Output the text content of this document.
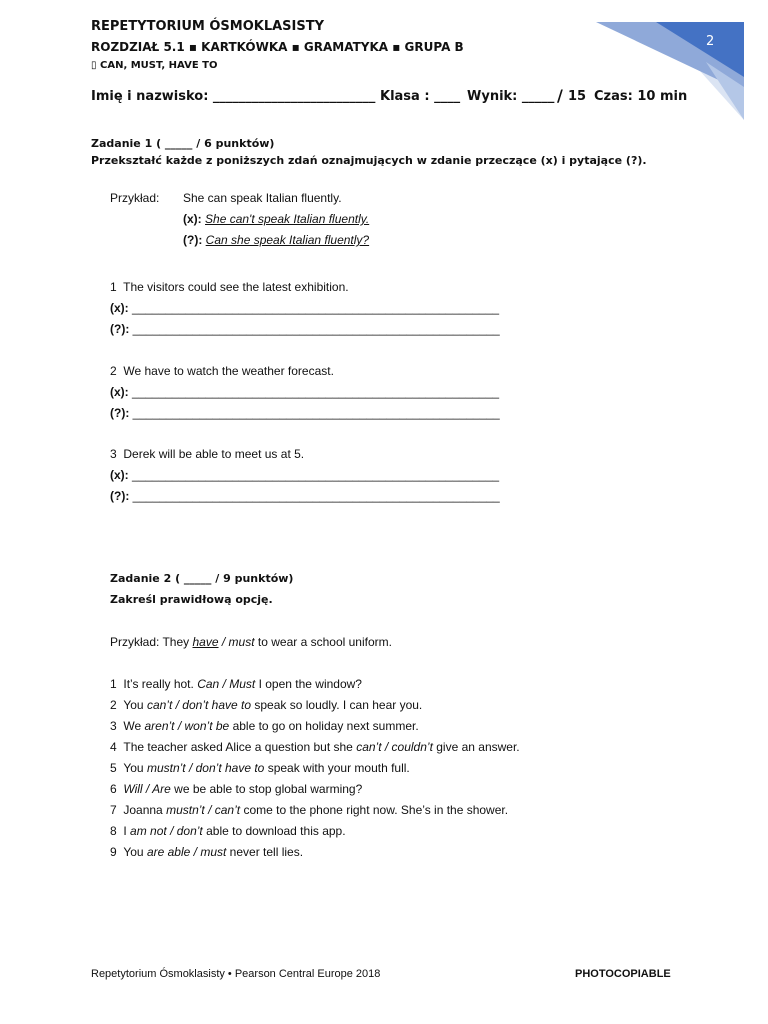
2
REPETYTORIUM ÓSMOKLASISTY
ROZDZIAŁ 5.1 ▪ KARTKÓWKA ▪ GRAMATYKA ▪ GRUPA B
▯ CAN, MUST, HAVE TO
Imię i nazwisko: _________________________ Klasa : ____ Wynik: _____ / 15 Czas: 10 min
Zadanie 1 ( _____ / 6 punktów)
Przekształć każde z poniższych zdań oznajmujących w zdanie przeczące (x) i pytające (?).
Przykład: She can speak Italian fluently.
(x): She can't speak Italian fluently.
(?): Can she speak Italian fluently?
1 The visitors could see the latest exhibition.
(x): _______________________________________________________
(?): _______________________________________________________
2 We have to watch the weather forecast.
(x): _______________________________________________________
(?): _______________________________________________________
3 Derek will be able to meet us at 5.
(x): _______________________________________________________
(?): _______________________________________________________
Zadanie 2 ( _____ / 9 punktów)
Zakreśl prawidłową opcję.
Przykład: They have / must to wear a school uniform.
1 It’s really hot. Can / Must I open the window?
2 You can’t / don’t have to speak so loudly. I can hear you.
3 We aren’t / won’t be able to go on holiday next summer.
4 The teacher asked Alice a question but she can’t / couldn’t give an answer.
5 You mustn’t / don’t have to speak with your mouth full.
6 Will / Are we be able to stop global warming?
7 Joanna mustn’t / can’t come to the phone right now. She’s in the shower.
8 I am not / don’t able to download this app.
9 You are able / must never tell lies.
Repetytorium Ósmoklasisty • Pearson Central Europe 2018	PHOTOCOPIABLE
